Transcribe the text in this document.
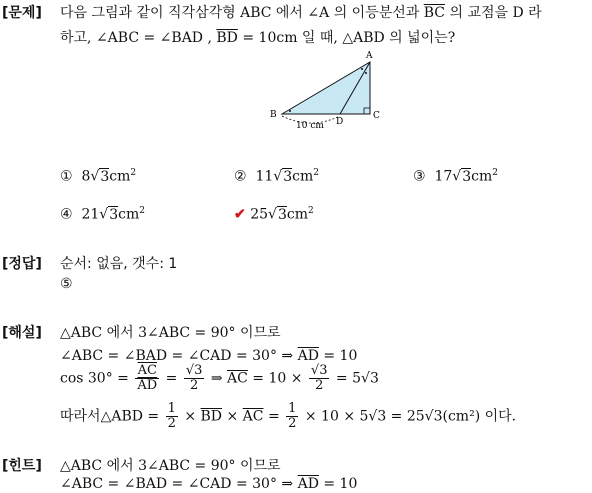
[문제] 다음 그림과 같이 직각삼각형 ABC 에서 ∠A 의 이등분선과 $\overline{BC}$ 의 교점을 D 라
하고, ∠ABC = ∠BAD , $\overline{BD} = 10cm$ 일 때, △ABD 의 넓이는?
A
B	C
D
10 cm
① $8√3cm^2$	② $11√3cm^2$	③ $17√3cm^2$
④ $21√3cm^2$	✔ $25√3cm^2$
[정답] 순서: 없음, 갯수: 1
⑤
[해설] △ABC 에서 3∠ABC = 90° 이므로
∠ABC = ∠BAD = ∠CAD = 30° ⇒ $\overline{AD} = 10$
$\cos 30^\circ = \frac{\overline{AC}}{AD} = \frac{√3}{2}$ ⇒ $\overline{AC} = 10 \times \frac{√3}{2} = 5√3$
따라서△ABD = $\frac{1}{2} \times \overline{BD} \times \overline{AC} = \frac{1}{2} \times 10 \times 5√3 = 25√3(cm^2)$ 이다.
[힌트] △ABC 에서 3∠ABC = 90° 이므로
∠ABC = ∠BAD = ∠CAD = 30° ⇒ $\overline{AD} = 10$
